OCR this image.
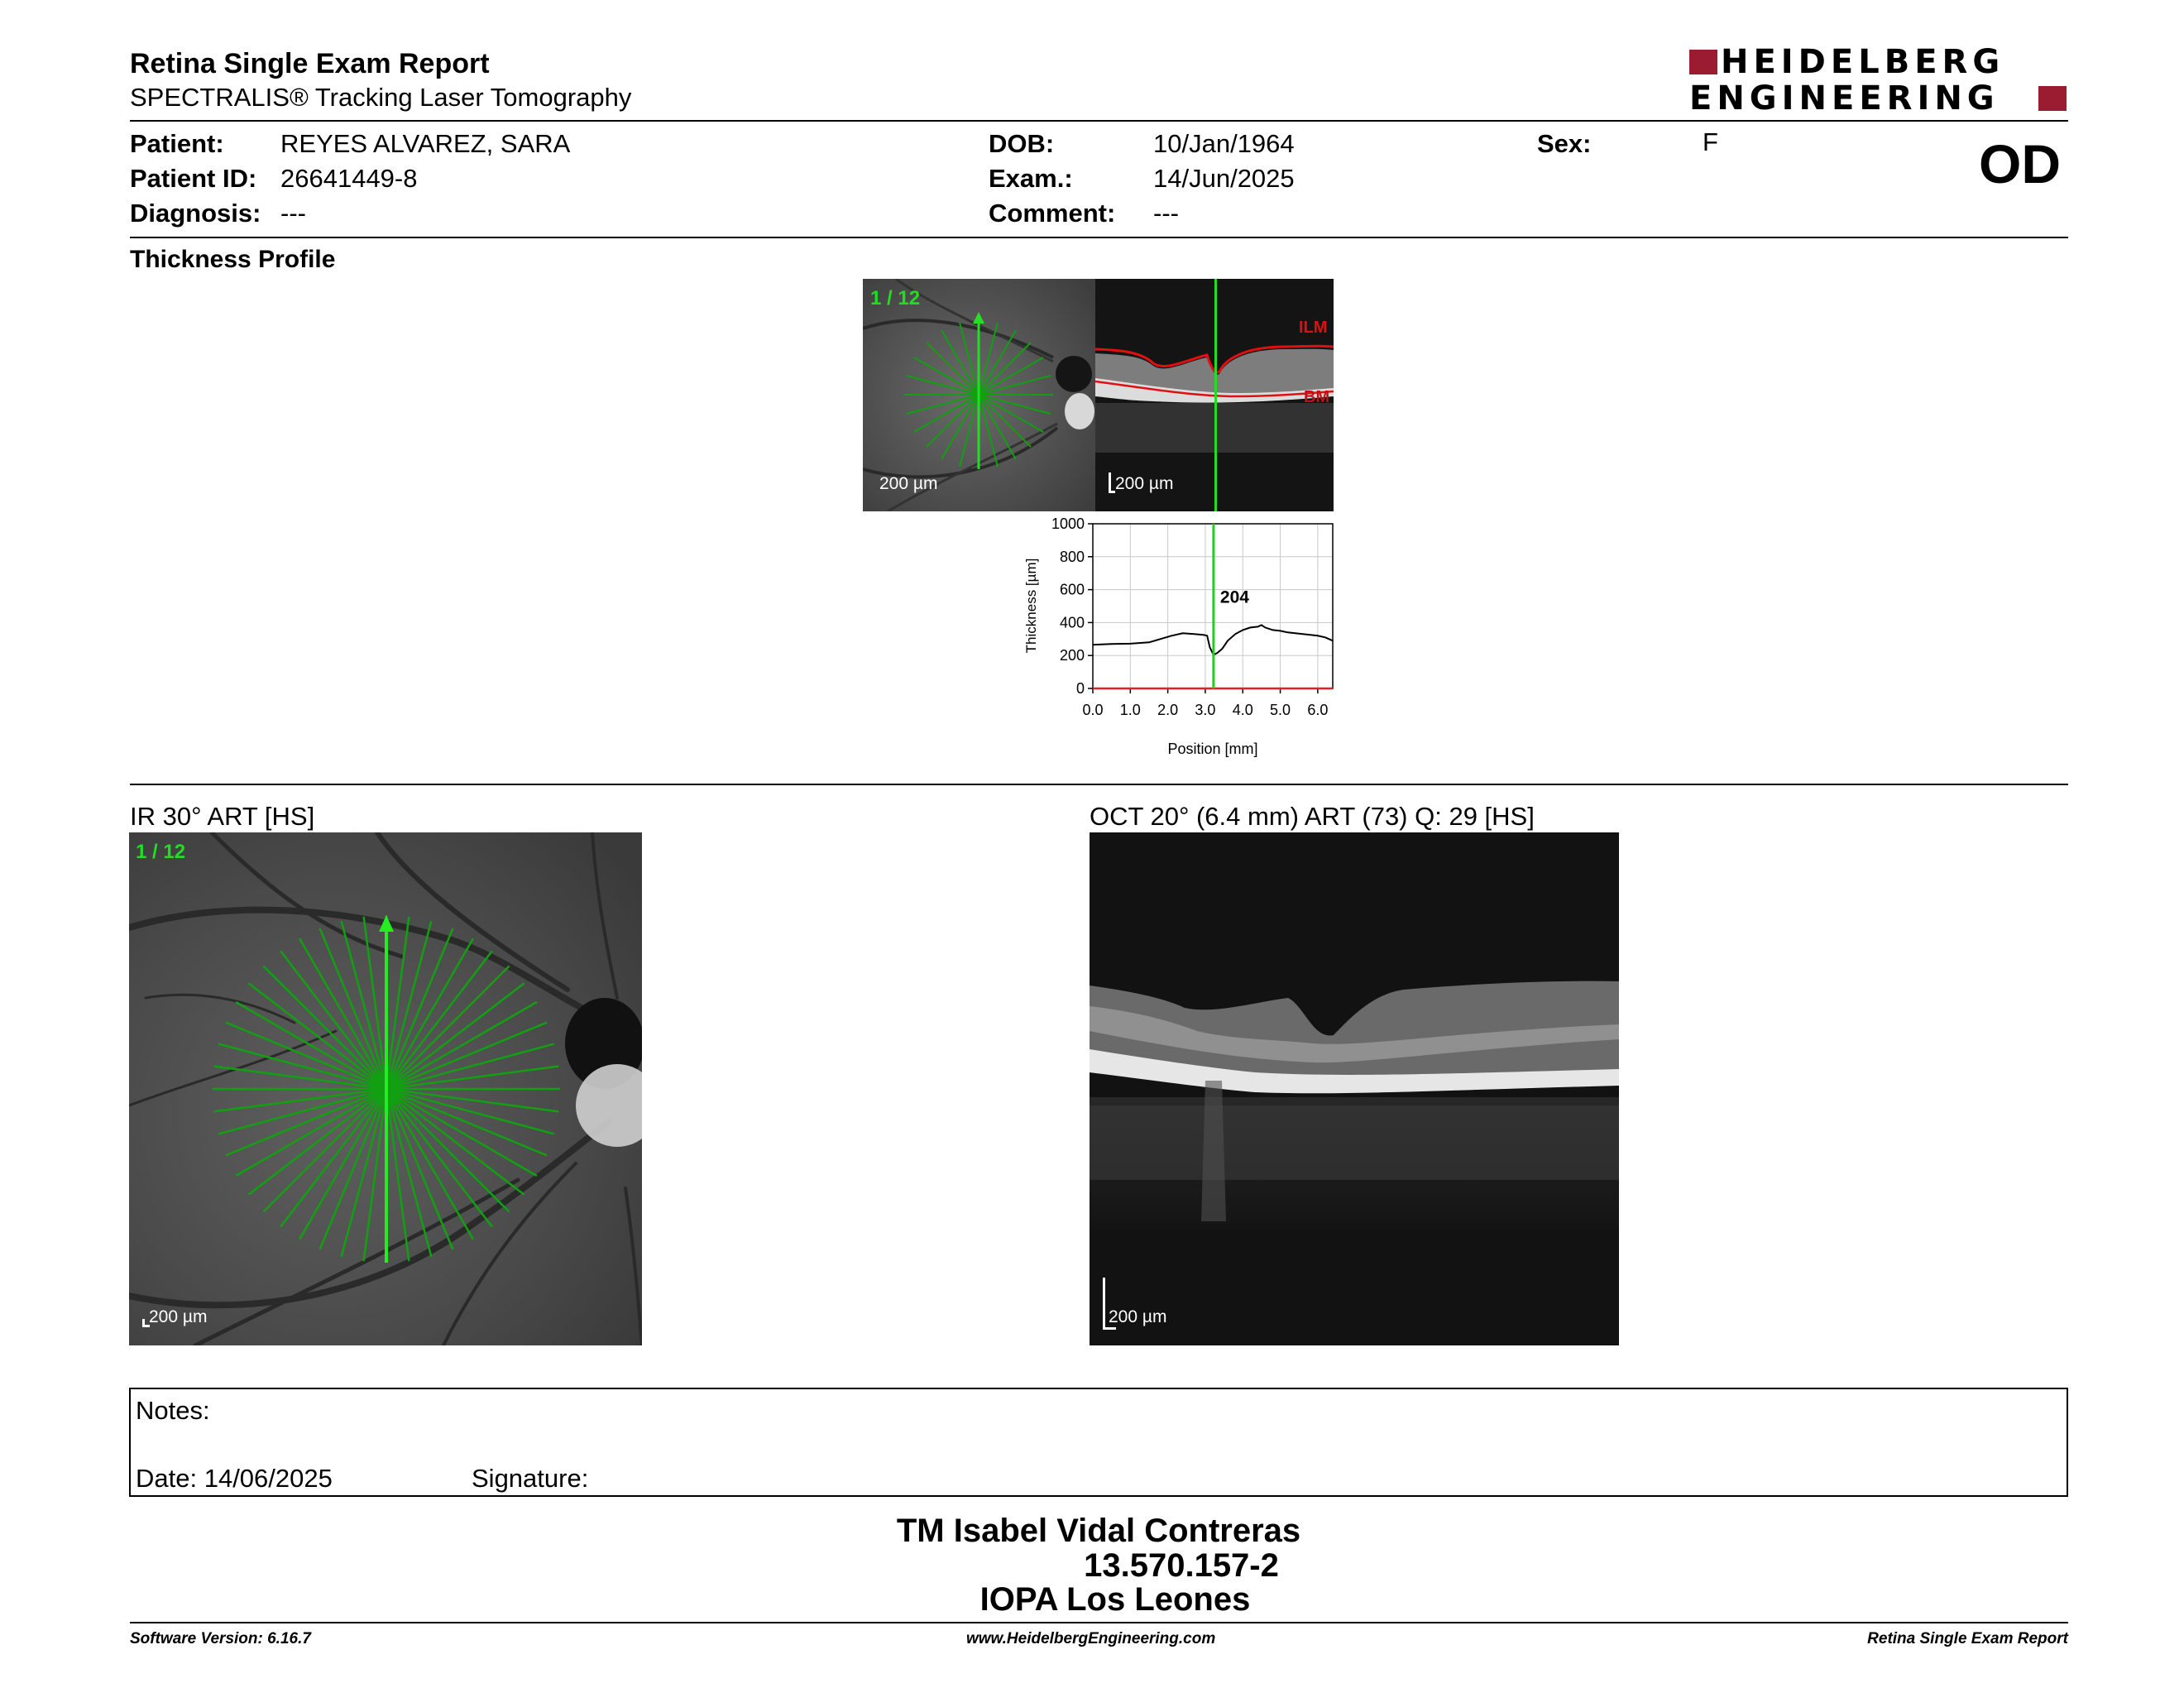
Retina Single Exam Report
SPECTRALIS® Tracking Laser Tomography
HEIDELBERG
ENGINEERING
Patient: REYES ALVAREZ, SARA
Patient ID: 26641449-8
Diagnosis: ---
DOB:	10/Jan/1964
Exam.:	14/Jun/2025
Comment: ---
Sex:	F	OD
Thickness Profile
1 / 12
200 µm
ILM
BM
200 µm
0
200
400
600
800
1000
0.0 1.0 2.0 3.0 4.0 5.0 6.0
204
Thickness [µm]
Position [mm]
IR 30° ART [HS]
1 / 12
200 µm
OCT 20° (6.4 mm) ART (73) Q: 29 [HS]
200 µm
Notes:
Date: 14/06/2025	Signature:
TM Isabel Vidal Contreras
13.570.157-2
IOPA Los Leones
Software Version: 6.16.7	www.HeidelbergEngineering.com	Retina Single Exam Report
